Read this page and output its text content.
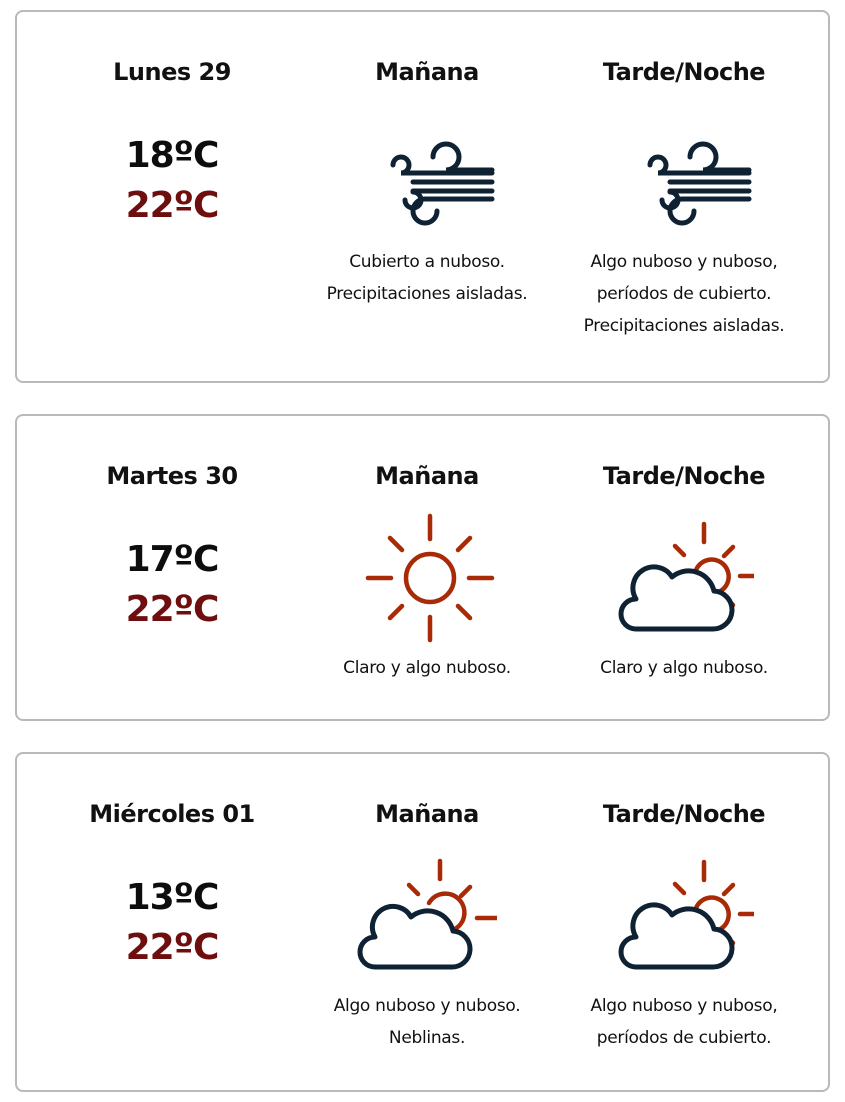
Lunes 29
18ºC
22ºC
Mañana
Cubierto a nuboso.
Precipitaciones aisladas.
Tarde/Noche
Algo nuboso y nuboso,
períodos de cubierto.
Precipitaciones aisladas.
Martes 30
17ºC
22ºC
Mañana
Claro y algo nuboso.
Tarde/Noche
Claro y algo nuboso.
Miércoles 01
13ºC
22ºC
Mañana
Algo nuboso y nuboso.
Neblinas.
Tarde/Noche
Algo nuboso y nuboso,
períodos de cubierto.
